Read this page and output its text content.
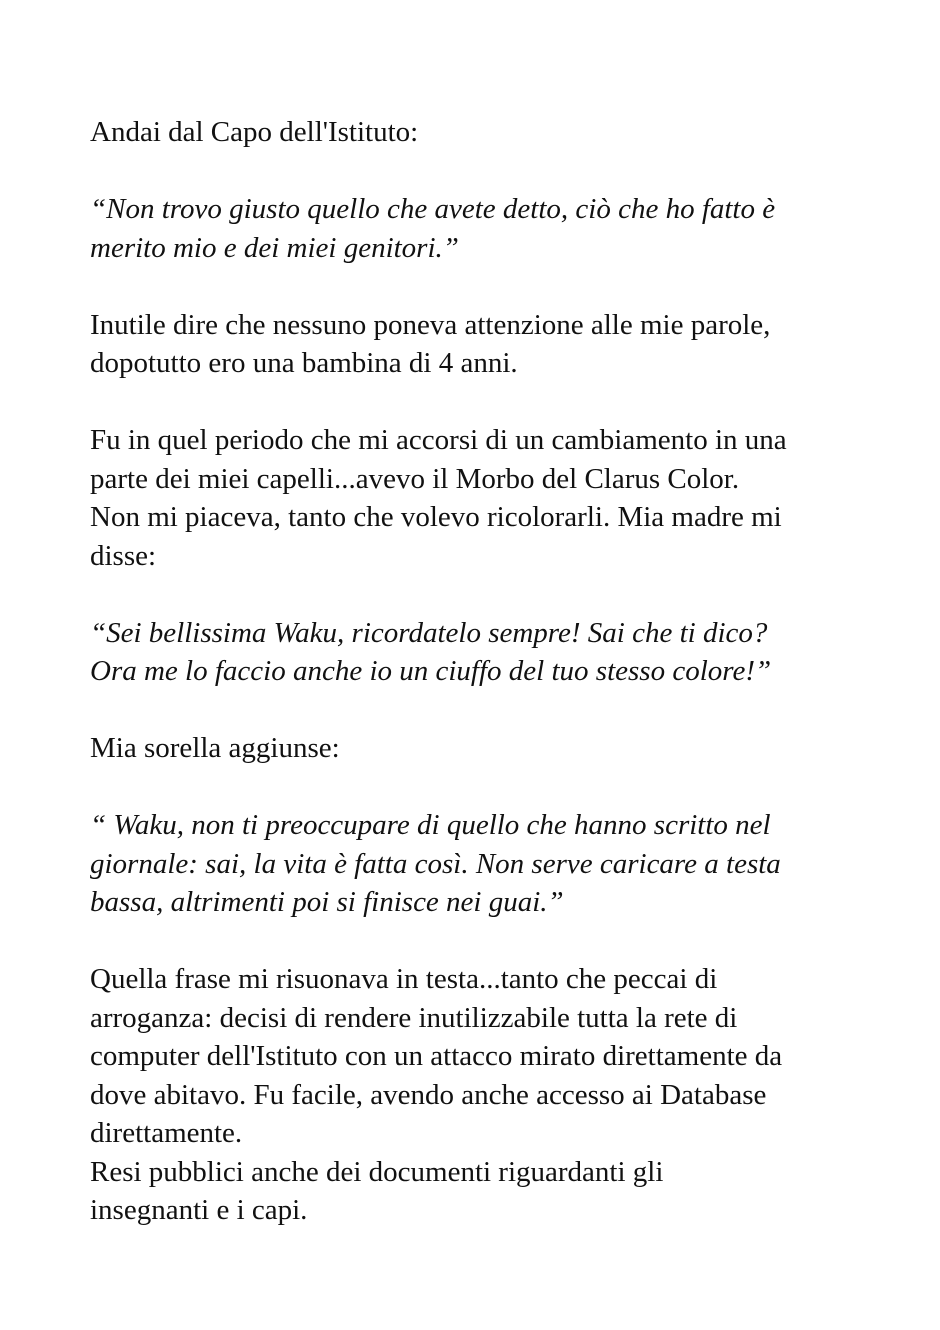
Andai dal Capo dell'Istituto:

“Non trovo giusto quello che avete detto, ciò che ho fatto è
merito mio e dei miei genitori.”

Inutile dire che nessuno poneva attenzione alle mie parole,
dopotutto ero una bambina di 4 anni.

Fu in quel periodo che mi accorsi di un cambiamento in una
parte dei miei capelli...avevo il Morbo del Clarus Color.
Non mi piaceva, tanto che volevo ricolorarli. Mia madre mi
disse:

“Sei bellissima Waku, ricordatelo sempre! Sai che ti dico?
Ora me lo faccio anche io un ciuffo del tuo stesso colore!”

Mia sorella aggiunse:

“ Waku, non ti preoccupare di quello che hanno scritto nel
giornale: sai, la vita è fatta così. Non serve caricare a testa
bassa, altrimenti poi si finisce nei guai.”

Quella frase mi risuonava in testa...tanto che peccai di
arroganza: decisi di rendere inutilizzabile tutta la rete di
computer dell'Istituto con un attacco mirato direttamente da
dove abitavo. Fu facile, avendo anche accesso ai Database
direttamente.
Resi pubblici anche dei documenti riguardanti gli
insegnanti e i capi.
